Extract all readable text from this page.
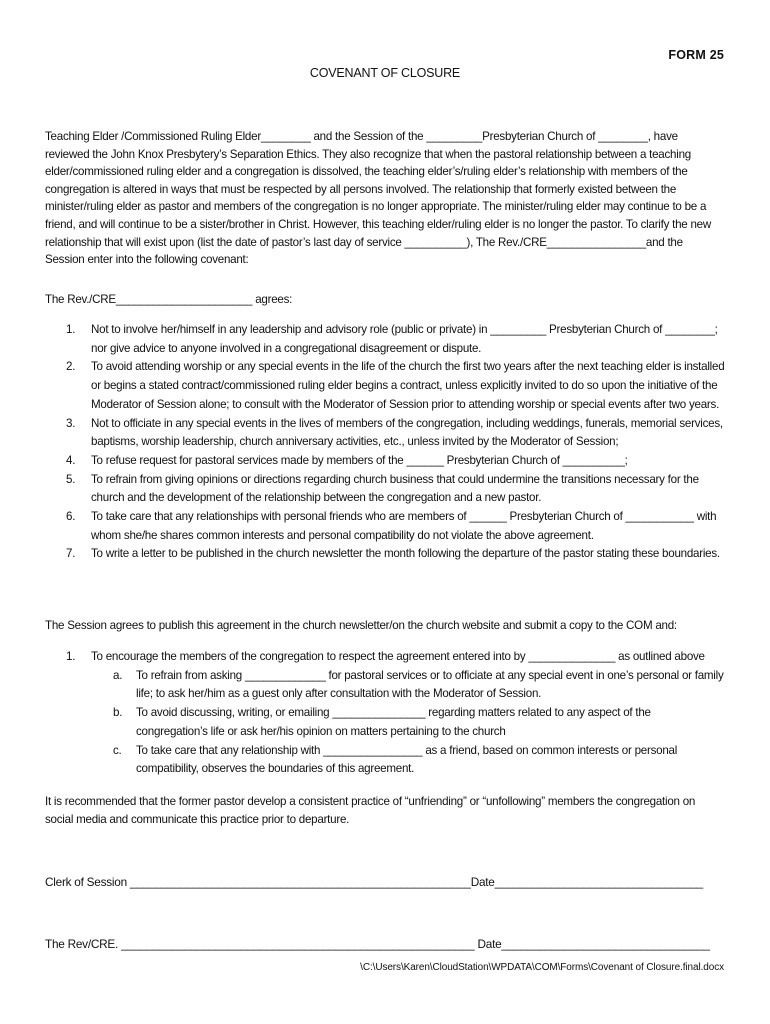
FORM 25
COVENANT OF CLOSURE

Teaching Elder /Commissioned Ruling Elder________ and the Session of the _________Presbyterian Church of ________, have reviewed the John Knox Presbytery’s Separation Ethics. They also recognize that when the pastoral relationship between a teaching elder/commissioned ruling elder and a congregation is dissolved, the teaching elder’s/ruling elder’s relationship with members of the congregation is altered in ways that must be respected by all persons involved. The relationship that formerly existed between the minister/ruling elder as pastor and members of the congregation is no longer appropriate. The minister/ruling elder may continue to be a friend, and will continue to be a sister/brother in Christ. However, this teaching elder/ruling elder is no longer the pastor. To clarify the new relationship that will exist upon (list the date of pastor’s last day of service __________), The Rev./CRE________________and the Session enter into the following covenant:

The Rev./CRE______________________ agrees:

1. Not to involve her/himself in any leadership and advisory role (public or private) in _________ Presbyterian Church of ________; nor give advice to anyone involved in a congregational disagreement or dispute.
2. To avoid attending worship or any special events in the life of the church the first two years after the next teaching elder is installed or begins a stated contract/commissioned ruling elder begins a contract, unless explicitly invited to do so upon the initiative of the Moderator of Session alone; to consult with the Moderator of Session prior to attending worship or special events after two years.
3. Not to officiate in any special events in the lives of members of the congregation, including weddings, funerals, memorial services, baptisms, worship leadership, church anniversary activities, etc., unless invited by the Moderator of Session;
4. To refuse request for pastoral services made by members of the ______ Presbyterian Church of __________;
5. To refrain from giving opinions or directions regarding church business that could undermine the transitions necessary for the church and the development of the relationship between the congregation and a new pastor.
6. To take care that any relationships with personal friends who are members of ______ Presbyterian Church of ___________ with whom she/he shares common interests and personal compatibility do not violate the above agreement.
7. To write a letter to be published in the church newsletter the month following the departure of the pastor stating these boundaries.

The Session agrees to publish this agreement in the church newsletter/on the church website and submit a copy to the COM and:

1. To encourage the members of the congregation to respect the agreement entered into by ______________ as outlined above
a. To refrain from asking _____________ for pastoral services or to officiate at any special event in one’s personal or family life; to ask her/him as a guest only after consultation with the Moderator of Session.
b. To avoid discussing, writing, or emailing _______________ regarding matters related to any aspect of the congregation’s life or ask her/his opinion on matters pertaining to the church
c. To take care that any relationship with ________________ as a friend, based on common interests or personal compatibility, observes the boundaries of this agreement.

It is recommended that the former pastor develop a consistent practice of “unfriending” or “unfollowing” members the congregation on social media and communicate this practice prior to departure.

Clerk of Session ______________________________________________________Date_________________________________
The Rev/CRE. ________________________________________________________ Date_________________________________
\C:\Users\Karen\CloudStation\WPDATA\COM\Forms\Covenant of Closure.final.docx
